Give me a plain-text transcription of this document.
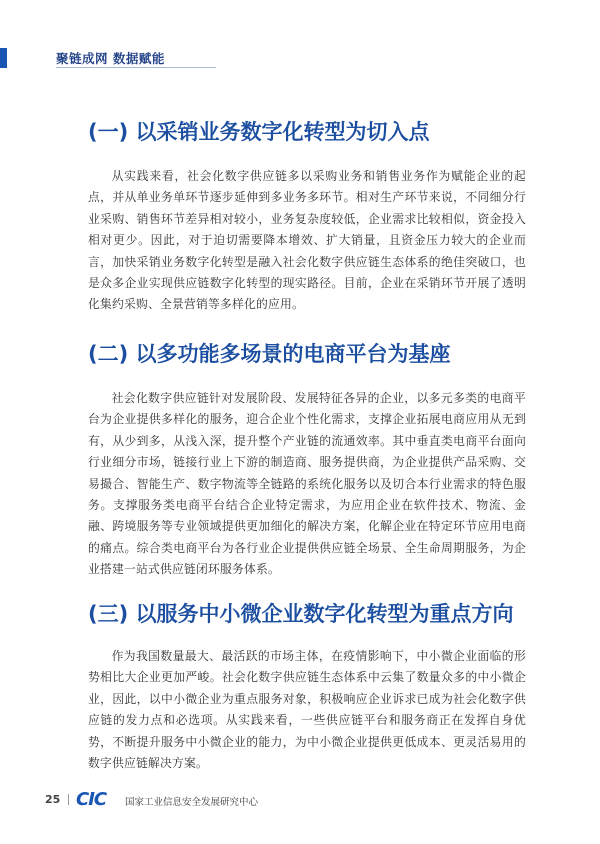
聚链成网 数据赋能
(一) 以采销业务数字化转型为切入点

从实践来看，社会化数字供应链多以采购业务和销售业务作为赋能企业的起点，并从单业务单环节逐步延伸到多业务多环节。相对生产环节来说，不同细分行业采购、销售环节差异相对较小，业务复杂度较低，企业需求比较相似，资金投入相对更少。因此，对于迫切需要降本增效、扩大销量，且资金压力较大的企业而言，加快采销业务数字化转型是融入社会化数字供应链生态体系的绝佳突破口，也是众多企业实现供应链数字化转型的现实路径。目前，企业在采销环节开展了透明化集约采购、全景营销等多样化的应用。

(二) 以多功能多场景的电商平台为基座

社会化数字供应链针对发展阶段、发展特征各异的企业，以多元多类的电商平台为企业提供多样化的服务，迎合企业个性化需求，支撑企业拓展电商应用从无到有，从少到多，从浅入深，提升整个产业链的流通效率。其中垂直类电商平台面向行业细分市场，链接行业上下游的制造商、服务提供商，为企业提供产品采购、交易撮合、智能生产、数字物流等全链路的系统化服务以及切合本行业需求的特色服务。支撑服务类电商平台结合企业特定需求，为应用企业在软件技术、物流、金融、跨境服务等专业领域提供更加细化的解决方案，化解企业在特定环节应用电商的痛点。综合类电商平台为各行业企业提供供应链全场景、全生命周期服务，为企业搭建一站式供应链闭环服务体系。

(三) 以服务中小微企业数字化转型为重点方向

作为我国数量最大、最活跃的市场主体，在疫情影响下，中小微企业面临的形势相比大企业更加严峻。社会化数字供应链生态体系中云集了数量众多的中小微企业，因此，以中小微企业为重点服务对象，积极响应企业诉求已成为社会化数字供应链的发力点和必选项。从实践来看，一些供应链平台和服务商正在发挥自身优势，不断提升服务中小微企业的能力，为中小微企业提供更低成本、更灵活易用的数字供应链解决方案。

25 CIC 国家工业信息安全发展研究中心
